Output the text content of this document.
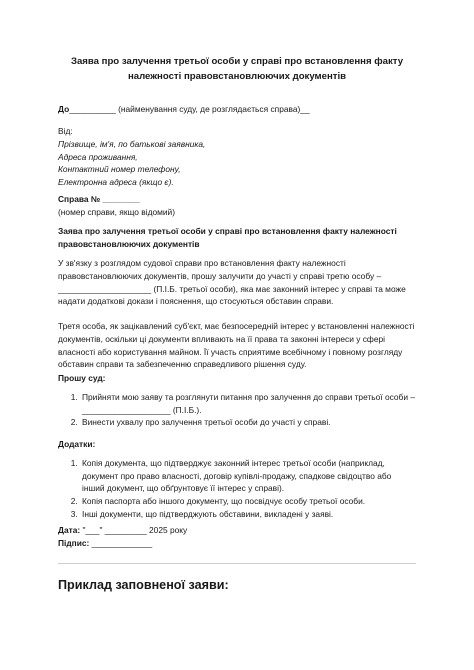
Заява про залучення третьої особи у справі про встановлення факту належності правовстановлюючих документів
До__________ (найменування суду, де розглядається справа)__
Від:
Прізвище, ім'я, по батькові заявника,
Адреса проживання,
Контактний номер телефону,
Електронна адреса (якщо є).
Справа № ________
(номер справи, якщо відомий)
Заява про залучення третьої особи у справі про встановлення факту належності правовстановлюючих документів
У зв'язку з розглядом судової справи про встановлення факту належності правовстановлюючих документів, прошу залучити до участі у справі третю особу – ____________________ (П.І.Б. третьої особи), яка має законний інтерес у справі та може надати додаткові докази і пояснення, що стосуються обставин справи.
Третя особа, як зацікавлений суб'єкт, має безпосередній інтерес у встановленні належності документів, оскільки ці документи впливають на її права та законні інтереси у сфері власності або користування майном. Її участь сприятиме всебічному і повному розгляду обставин справи та забезпеченню справедливого рішення суду.
Прошу суд:
1. Прийняти мою заяву та розглянути питання про залучення до справи третьої особи – ___________________ (П.І.Б.).
2. Винести ухвалу про залучення третьої особи до участі у справі.
Додатки:
1. Копія документа, що підтверджує законний інтерес третьої особи (наприклад, документ про право власності, договір купівлі-продажу, спадкове свідоцтво або інший документ, що обґрунтовує її інтерес у справі).
2. Копія паспорта або іншого документу, що посвідчує особу третьої особи.
3. Інші документи, що підтверджують обставини, викладені у заяві.
Дата: "___" _________ 2025 року
Підпис: _____________
Приклад заповненої заяви:
